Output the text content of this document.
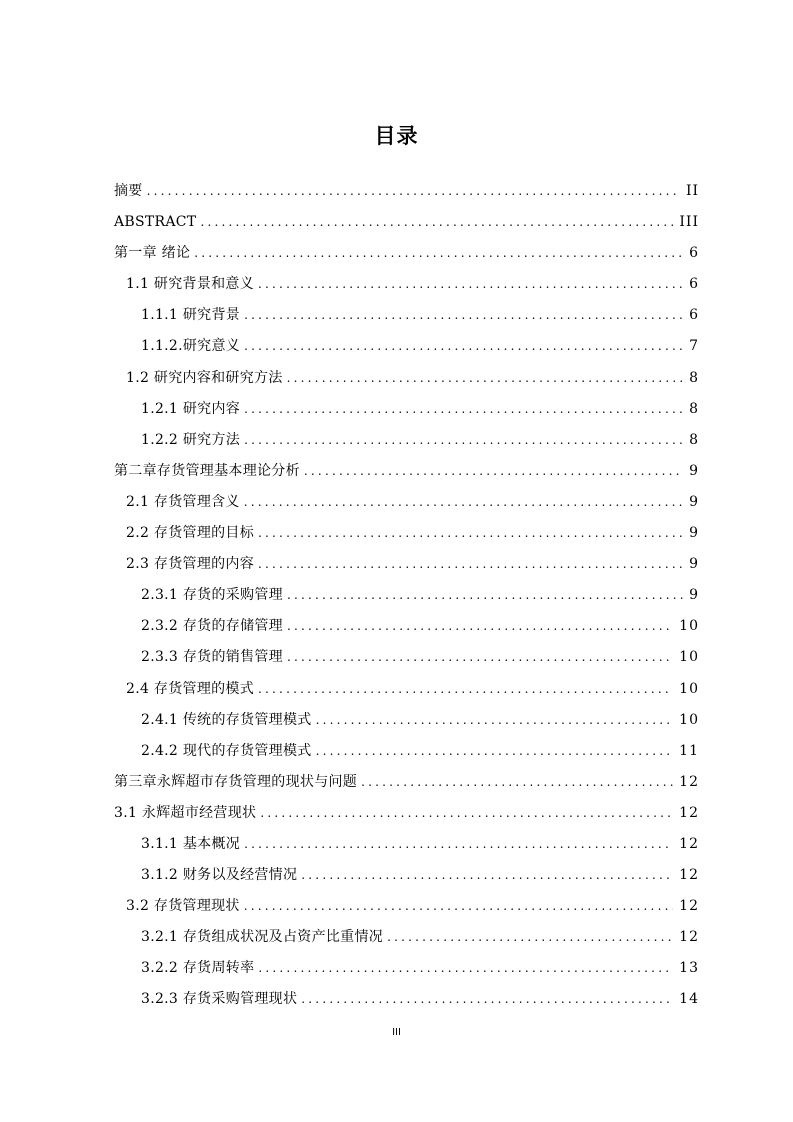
目录
摘要 .....	II
ABSTRACT .....	III
第一章 绪论 .....	6
1.1 研究背景和意义 .....	6
1.1.1 研究背景 .....	6
1.1.2.研究意义 .....	7
1.2 研究内容和研究方法 .....	8
1.2.1 研究内容 .....	8
1.2.2 研究方法 .....	8
第二章存货管理基本理论分析 .....	9
2.1 存货管理含义 .....	9
2.2 存货管理的目标 .....	9
2.3 存货管理的内容 .....	9
2.3.1 存货的采购管理 .....	9
2.3.2 存货的存储管理 .....	10
2.3.3 存货的销售管理 .....	10
2.4 存货管理的模式 .....	10
2.4.1 传统的存货管理模式 .....	10
2.4.2 现代的存货管理模式 .....	11
第三章永辉超市存货管理的现状与问题 .....	12
3.1 永辉超市经营现状 .....	12
3.1.1 基本概况 .....	12
3.1.2 财务以及经营情况 .....	12
3.2 存货管理现状 .....	12
3.2.1 存货组成状况及占资产比重情况 .....	12
3.2.2 存货周转率 .....	13
3.2.3 存货采购管理现状 .....	14
III
